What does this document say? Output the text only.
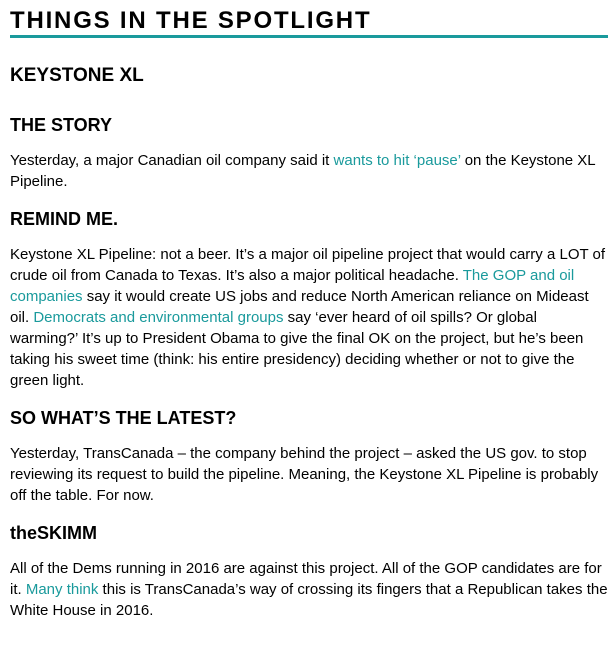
THINGS IN THE SPOTLIGHT
KEYSTONE XL
THE STORY

Yesterday, a major Canadian oil company said it wants to hit ‘pause’ on the Keystone XL Pipeline.

REMIND ME.

Keystone XL Pipeline: not a beer. It’s a major oil pipeline project that would carry a LOT of crude oil from Canada to Texas. It’s also a major political headache. The GOP and oil companies say it would create US jobs and reduce North American reliance on Mideast oil. Democrats and environmental groups say ‘ever heard of oil spills? Or global warming?’ It’s up to President Obama to give the final OK on the project, but he’s been taking his sweet time (think: his entire presidency) deciding whether or not to give the green light.

SO WHAT’S THE LATEST?

Yesterday, TransCanada – the company behind the project – asked the US gov. to stop reviewing its request to build the pipeline. Meaning, the Keystone XL Pipeline is probably off the table. For now.

theSKIMM

All of the Dems running in 2016 are against this project. All of the GOP candidates are for it. Many think this is TransCanada’s way of crossing its fingers that a Republican takes the White House in 2016.
